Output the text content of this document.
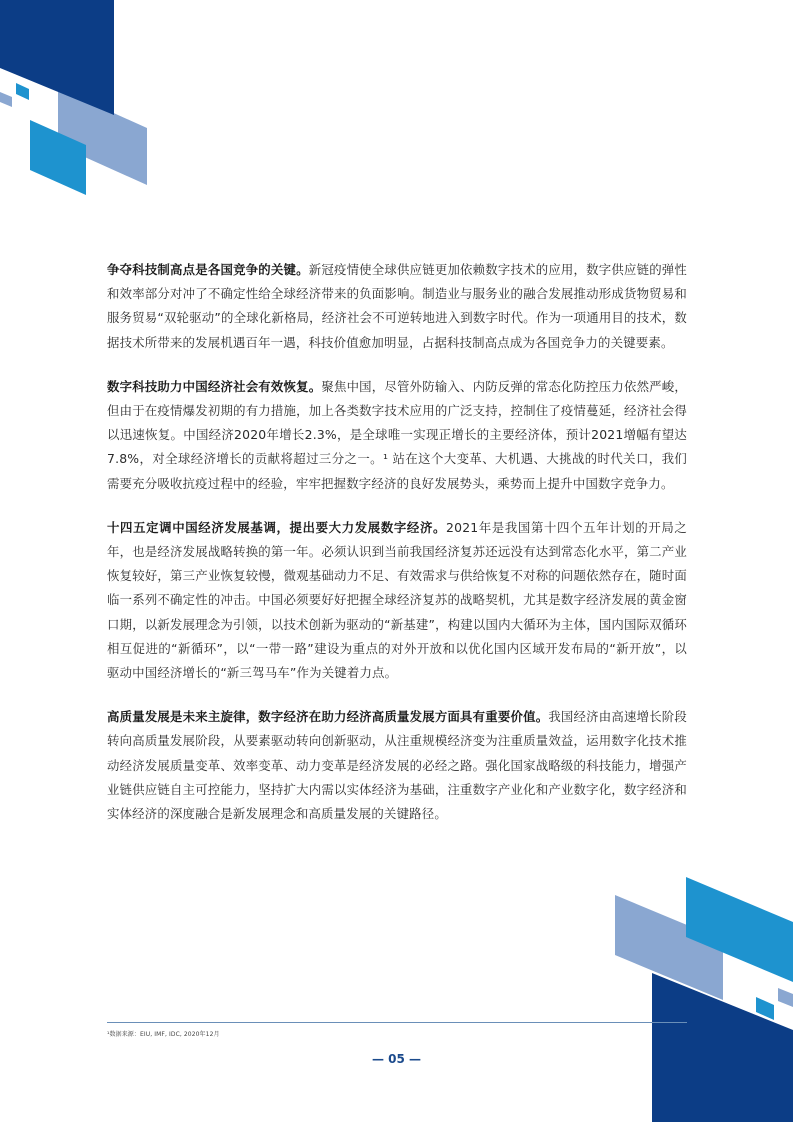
争夺科技制高点是各国竞争的关键。新冠疫情使全球供应链更加依赖数字技术的应用，数字供应链的弹性和效率部分对冲了不确定性给全球经济带来的负面影响。制造业与服务业的融合发展推动形成货物贸易和服务贸易“双轮驱动”的全球化新格局，经济社会不可逆转地进入到数字时代。作为一项通用目的技术，数据技术所带来的发展机遇百年一遇，科技价值愈加明显，占据科技制高点成为各国竞争力的关键要素。

数字科技助力中国经济社会有效恢复。聚焦中国，尽管外防输入、内防反弹的常态化防控压力依然严峻，但由于在疫情爆发初期的有力措施，加上各类数字技术应用的广泛支持，控制住了疫情蔓延，经济社会得以迅速恢复。中国经济2020年增长2.3%，是全球唯一实现正增长的主要经济体，预计2021增幅有望达7.8%，对全球经济增长的贡献将超过三分之一。¹ 站在这个大变革、大机遇、大挑战的时代关口，我们需要充分吸收抗疫过程中的经验，牢牢把握数字经济的良好发展势头，乘势而上提升中国数字竞争力。

十四五定调中国经济发展基调，提出要大力发展数字经济。2021年是我国第十四个五年计划的开局之年，也是经济发展战略转换的第一年。必须认识到当前我国经济复苏还远没有达到常态化水平，第二产业恢复较好，第三产业恢复较慢，微观基础动力不足、有效需求与供给恢复不对称的问题依然存在，随时面临一系列不确定性的冲击。中国必须要好好把握全球经济复苏的战略契机，尤其是数字经济发展的黄金窗口期，以新发展理念为引领，以技术创新为驱动的“新基建”，构建以国内大循环为主体，国内国际双循环相互促进的“新循环”，以“一带一路”建设为重点的对外开放和以优化国内区域开发布局的“新开放”，以驱动中国经济增长的“新三驾马车”作为关键着力点。

高质量发展是未来主旋律，数字经济在助力经济高质量发展方面具有重要价值。我国经济由高速增长阶段转向高质量发展阶段，从要素驱动转向创新驱动，从注重规模经济变为注重质量效益，运用数字化技术推动经济发展质量变革、效率变革、动力变革是经济发展的必经之路。强化国家战略级的科技能力，增强产业链供应链自主可控能力，坚持扩大内需以实体经济为基础，注重数字产业化和产业数字化，数字经济和实体经济的深度融合是新发展理念和高质量发展的关键路径。

¹数据来源：EIU, IMF, IDC, 2020年12月
— 05 —
